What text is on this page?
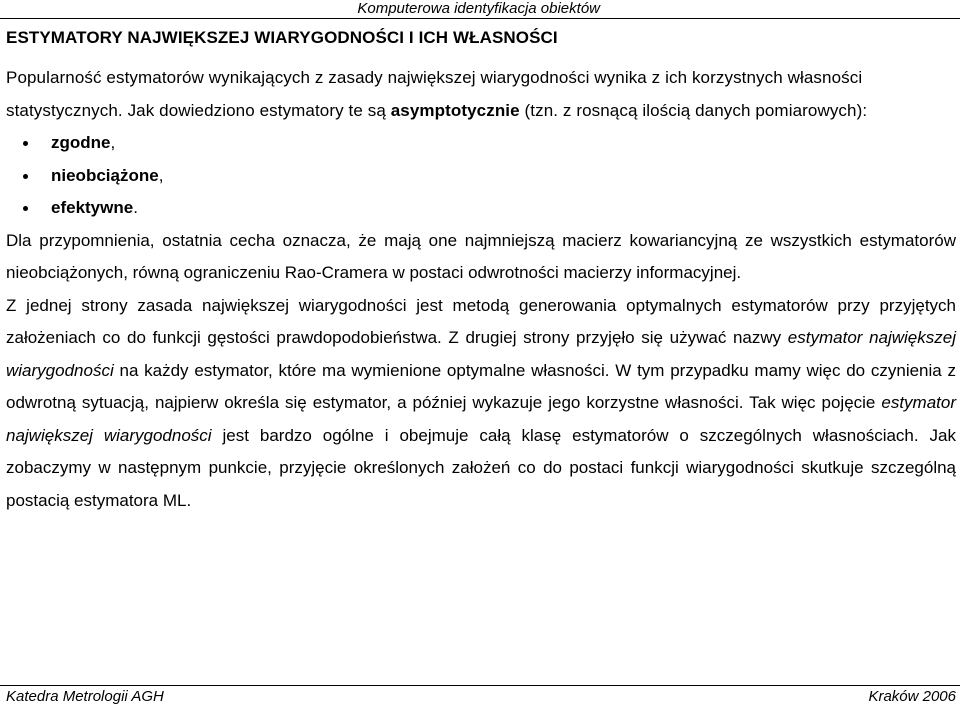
Komputerowa identyfikacja obiektów
ESTYMATORY NAJWIĘKSZEJ WIARYGODNOŚCI I ICH WŁASNOŚCI

Popularność estymatorów wynikających z zasady największej wiarygodności wynika z ich korzystnych własności statystycznych. Jak dowiedziono estymatory te są asymptotycznie (tzn. z rosnącą ilością danych pomiarowych):

zgodne,
nieobciążone,
efektywne.

Dla przypomnienia, ostatnia cecha oznacza, że mają one najmniejszą macierz kowariancyjną ze wszystkich estymatorów nieobciążonych, równą ograniczeniu Rao-Cramera w postaci odwrotności macierzy informacyjnej.

Z jednej strony zasada największej wiarygodności jest metodą generowania optymalnych estymatorów przy przyjętych założeniach co do funkcji gęstości prawdopodobieństwa. Z drugiej strony przyjęło się używać nazwy estymator największej wiarygodności na każdy estymator, które ma wymienione optymalne własności. W tym przypadku mamy więc do czynienia z odwrotną sytuacją, najpierw określa się estymator, a później wykazuje jego korzystne własności. Tak więc pojęcie estymator największej wiarygodności jest bardzo ogólne i obejmuje całą klasę estymatorów o szczególnych własnościach. Jak zobaczymy w następnym punkcie, przyjęcie określonych założeń co do postaci funkcji wiarygodności skutkuje szczególną postacią estymatora ML.

Katedra Metrologii AGH	Kraków 2006
